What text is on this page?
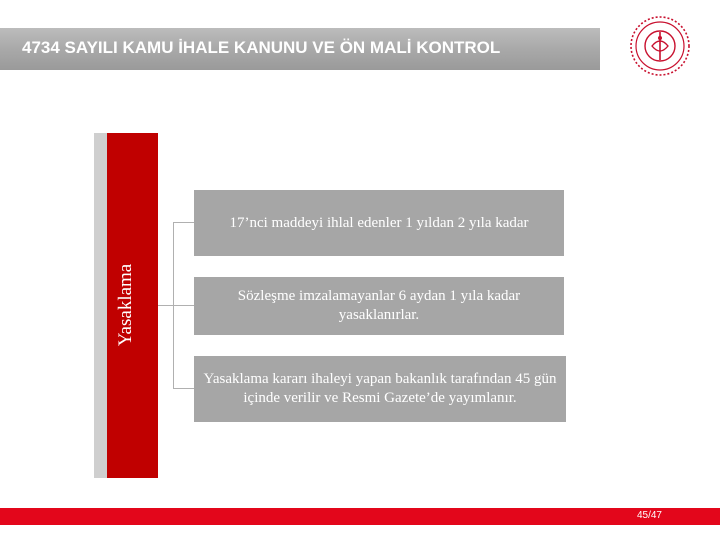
4734 SAYILI KAMU İHALE KANUNU VE ÖN MALİ KONTROL
Yasaklama
17’nci maddeyi ihlal edenler 1 yıldan 2 yıla kadar
Sözleşme imzalamayanlar 6 aydan 1 yıla kadar yasaklanırlar.
Yasaklama kararı ihaleyi yapan bakanlık tarafından 45 gün içinde verilir ve Resmi Gazete’de yayımlanır.
45/47
